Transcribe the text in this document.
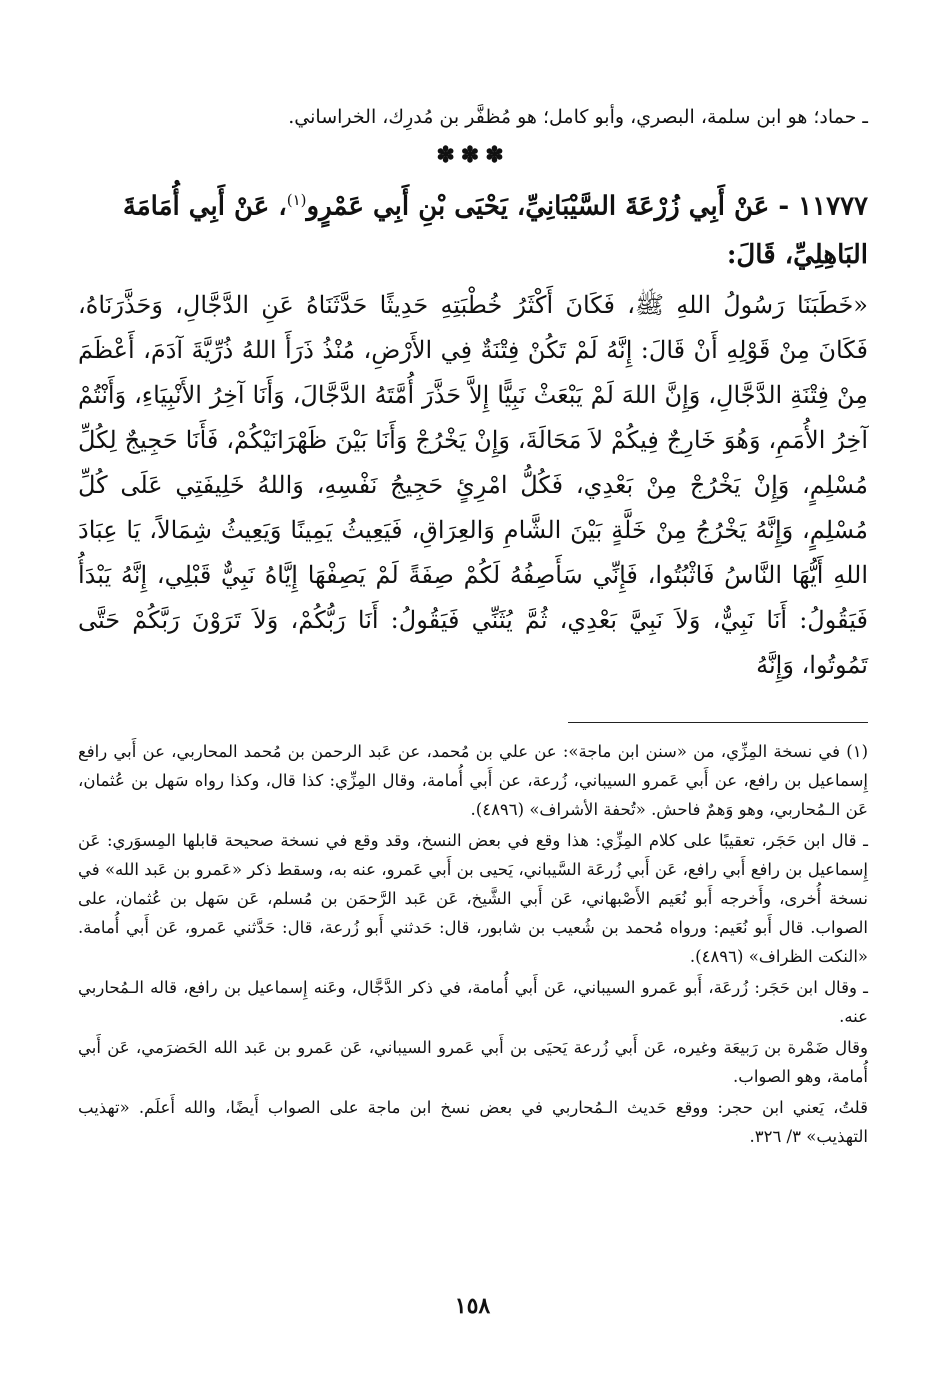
ـ حماد؛ هو ابن سلمة، البصري، وأبو كامل؛ هو مُظفَّر بن مُدرِك، الخراساني.

✽✽✽

١١٧٧٧ - عَنْ أَبِي زُرْعَةَ السَّيْبَانِيِّ، يَحْيَى بْنِ أَبِي عَمْرٍو$^{(١)}$، عَنْ أَبِي أُمَامَةَ البَاهِلِيِّ، قَالَ:

«خَطَبَنَا رَسُولُ اللهِ ﷺ، فَكَانَ أَكْثَرُ خُطْبَتِهِ حَدِيثًا حَدَّثَنَاهُ عَنِ الدَّجَّالِ، وَحَذَّرَنَاهُ، فَكَانَ مِنْ قَوْلِهِ أَنْ قَالَ: إِنَّهُ لَمْ تَكُنْ فِتْنَةٌ فِي الأَرْضِ، مُنْذُ ذَرَأَ اللهُ ذُرِّيَّةَ آدَمَ، أَعْظَمَ مِنْ فِتْنَةِ الدَّجَّالِ، وَإِنَّ اللهَ لَمْ يَبْعَثْ نَبِيًّا إِلاَّ حَذَّرَ أُمَّتَهُ الدَّجَّالَ، وَأَنَا آخِرُ الأَنْبِيَاءِ، وَأَنْتُمْ آخِرُ الأُمَمِ، وَهُوَ خَارِجٌ فِيكُمْ لاَ مَحَالَةَ، وَإِنْ يَخْرُجْ وَأَنَا بَيْنَ ظَهْرَانَيْكُمْ، فَأَنَا حَجِيجٌ لِكُلِّ مُسْلِمٍ، وَإِنْ يَخْرُجْ مِنْ بَعْدِي، فَكُلُّ امْرِئٍ حَجِيجُ نَفْسِهِ، وَاللهُ خَلِيفَتِي عَلَى كُلِّ مُسْلِمٍ، وَإِنَّهُ يَخْرُجُ مِنْ خَلَّةٍ بَيْنَ الشَّامِ وَالعِرَاقِ، فَيَعِيثُ يَمِينًا وَيَعِيثُ شِمَالاً، يَا عِبَادَ اللهِ أَيُّهَا النَّاسُ فَاثْبُتُوا، فَإِنِّي سَأَصِفُهُ لَكُمْ صِفَةً لَمْ يَصِفْهَا إِيَّاهُ نَبِيٌّ قَبْلِي، إِنَّهُ يَبْدَأُ فَيَقُولُ: أَنَا نَبِيٌّ، وَلاَ نَبِيَّ بَعْدِي، ثُمَّ يُثَنِّي فَيَقُولُ: أَنَا رَبُّكُمْ، وَلاَ تَرَوْنَ رَبَّكُمْ حَتَّى تَمُوتُوا، وَإِنَّهُ

(١) في نسخة المِزِّي، من «سنن ابن ماجة»: عن علي بن مُحمد، عن عَبد الرحمن بن مُحمد المحاربي، عن أَبي رافع إِسماعيل بن رافع، عن أَبي عَمرو السيباني، زُرعة، عن أَبي أُمامة، وقال المِزِّي: كذا قال، وكذا رواه سَهل بن عُثمان، عَن الـمُحاربي، وهو وَهمٌ فاحش. «تُحفة الأشراف» (٤٨٩٦).

ـ قال ابن حَجَر، تعقيبًا على كلام المِزِّي: هذا وقع في بعض النسخ، وقد وقع في نسخة صحيحة قابلها المِسوَري: عَن إِسماعيل بن رافع أَبي رافع، عَن أَبي زُرعَة السَّيباني، يَحيى بن أَبي عَمرو، عنه به، وسقط ذكر «عَمرو بن عَبد الله» في نسخة أُخرى، وأَخرجه أَبو نُعَيم الأَصْبهاني، عَن أَبي الشَّيخ، عَن عَبد الرَّحمَن بن مُسلم، عَن سَهل بن عُثمان، على الصواب. قال أَبو نُعَيم: ورواه مُحمد بن شُعيب بن شابور، قال: حَدثني أَبو زُرعة، قال: حَدَّثني عَمرو، عَن أَبي أُمامة. «النكت الظراف» (٤٨٩٦).

ـ وقال ابن حَجَر: زُرعَة، أَبو عَمرو السيباني، عَن أَبي أُمامة، في ذكر الدَّجَّال، وعَنه إِسماعيل بن رافع، قاله الـمُحاربي عنه.

وقال ضَمْرة بن رَبيعَة وغيره، عَن أَبي زُرعة يَحيَى بن أَبي عَمرو السيباني، عَن عَمرو بن عَبد الله الحَضرَمي، عَن أَبي أُمامة، وهو الصواب.

قلتُ، يَعني ابن حجر: ووقع حَديث الـمُحاربي في بعض نسخ ابن ماجة على الصواب أَيضًا، والله أَعلَم. «تهذيب التهذيب» ٣/ ٣٢٦.

١٥٨
